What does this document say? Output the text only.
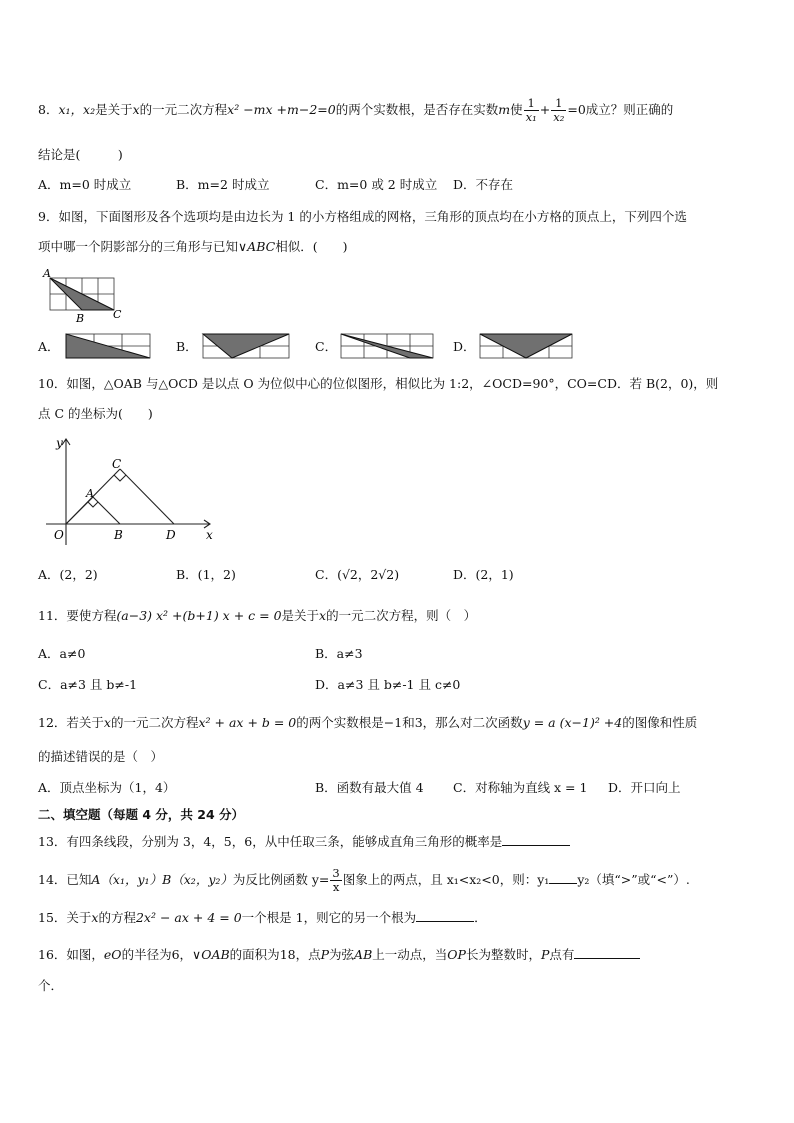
8．x₁，x₂是关于x的一元二次方程x² −mx +m−2=0的两个实数根，是否存在实数m使 $\frac{1}{\text{x₁}} + \frac{1}{\text{x₂}} =0$成立？则正确的
结论是(　　　)
A．m=0 时成立	B．m=2 时成立	C．m=0 或 2 时成立 D．不存在
9．如图，下面图形及各个选项均是由边长为 1 的小方格组成的网格，三角形的顶点均在小方格的顶点上，下列四个选
项中哪一个阴影部分的三角形与已知∨ABC相似．(　　)
A
B	C
A．	B．	C．	D．
10．如图，△OAB 与△OCD 是以点 O 为位似中心的位似图形，相似比为 1:2，∠OCD=90°，CO=CD．若 B(2，0)，则
点 C 的坐标为(　　)
y
x
O
A
B
C
D
A．(2，2)	B．(1，2)	C．(√2，2√2)	D．(2，1)
11．要使方程(a−3) x² +(b+1) x + c = 0是关于x的一元二次方程，则（　）
A．a≠0	B．a≠3
C．a≠3 且 b≠-1	D．a≠3 且 b≠-1 且 c≠0
12．若关于x的一元二次方程x² + ax + b = 0的两个实数根是−1和3，那么对二次函数y = a (x−1)² +4的图像和性质
的描述错误的是（　）
A．顶点坐标为（1，4）	B．函数有最大值 4 C．对称轴为直线 x = 1 D．开口向上
二、填空题（每题 4 分，共 24 分）
13．有四条线段，分别为 3，4，5，6，从中任取三条，能够成直角三角形的概率是
14．已知A（x₁，y₁）B（x₂，y₂）为反比例函数 $y= \frac{3}{x}$ 图象上的两点，且 x₁<x₂<0，则：y₁ y₂（填“>”或“<”）.
15．关于x的方程2x² − ax + 4 = 0一个根是 1，则它的另一个根为	．
16．如图，eO的半径为6，∨OAB的面积为18，点P为弦AB上一动点，当OP长为整数时，P点有
个．
